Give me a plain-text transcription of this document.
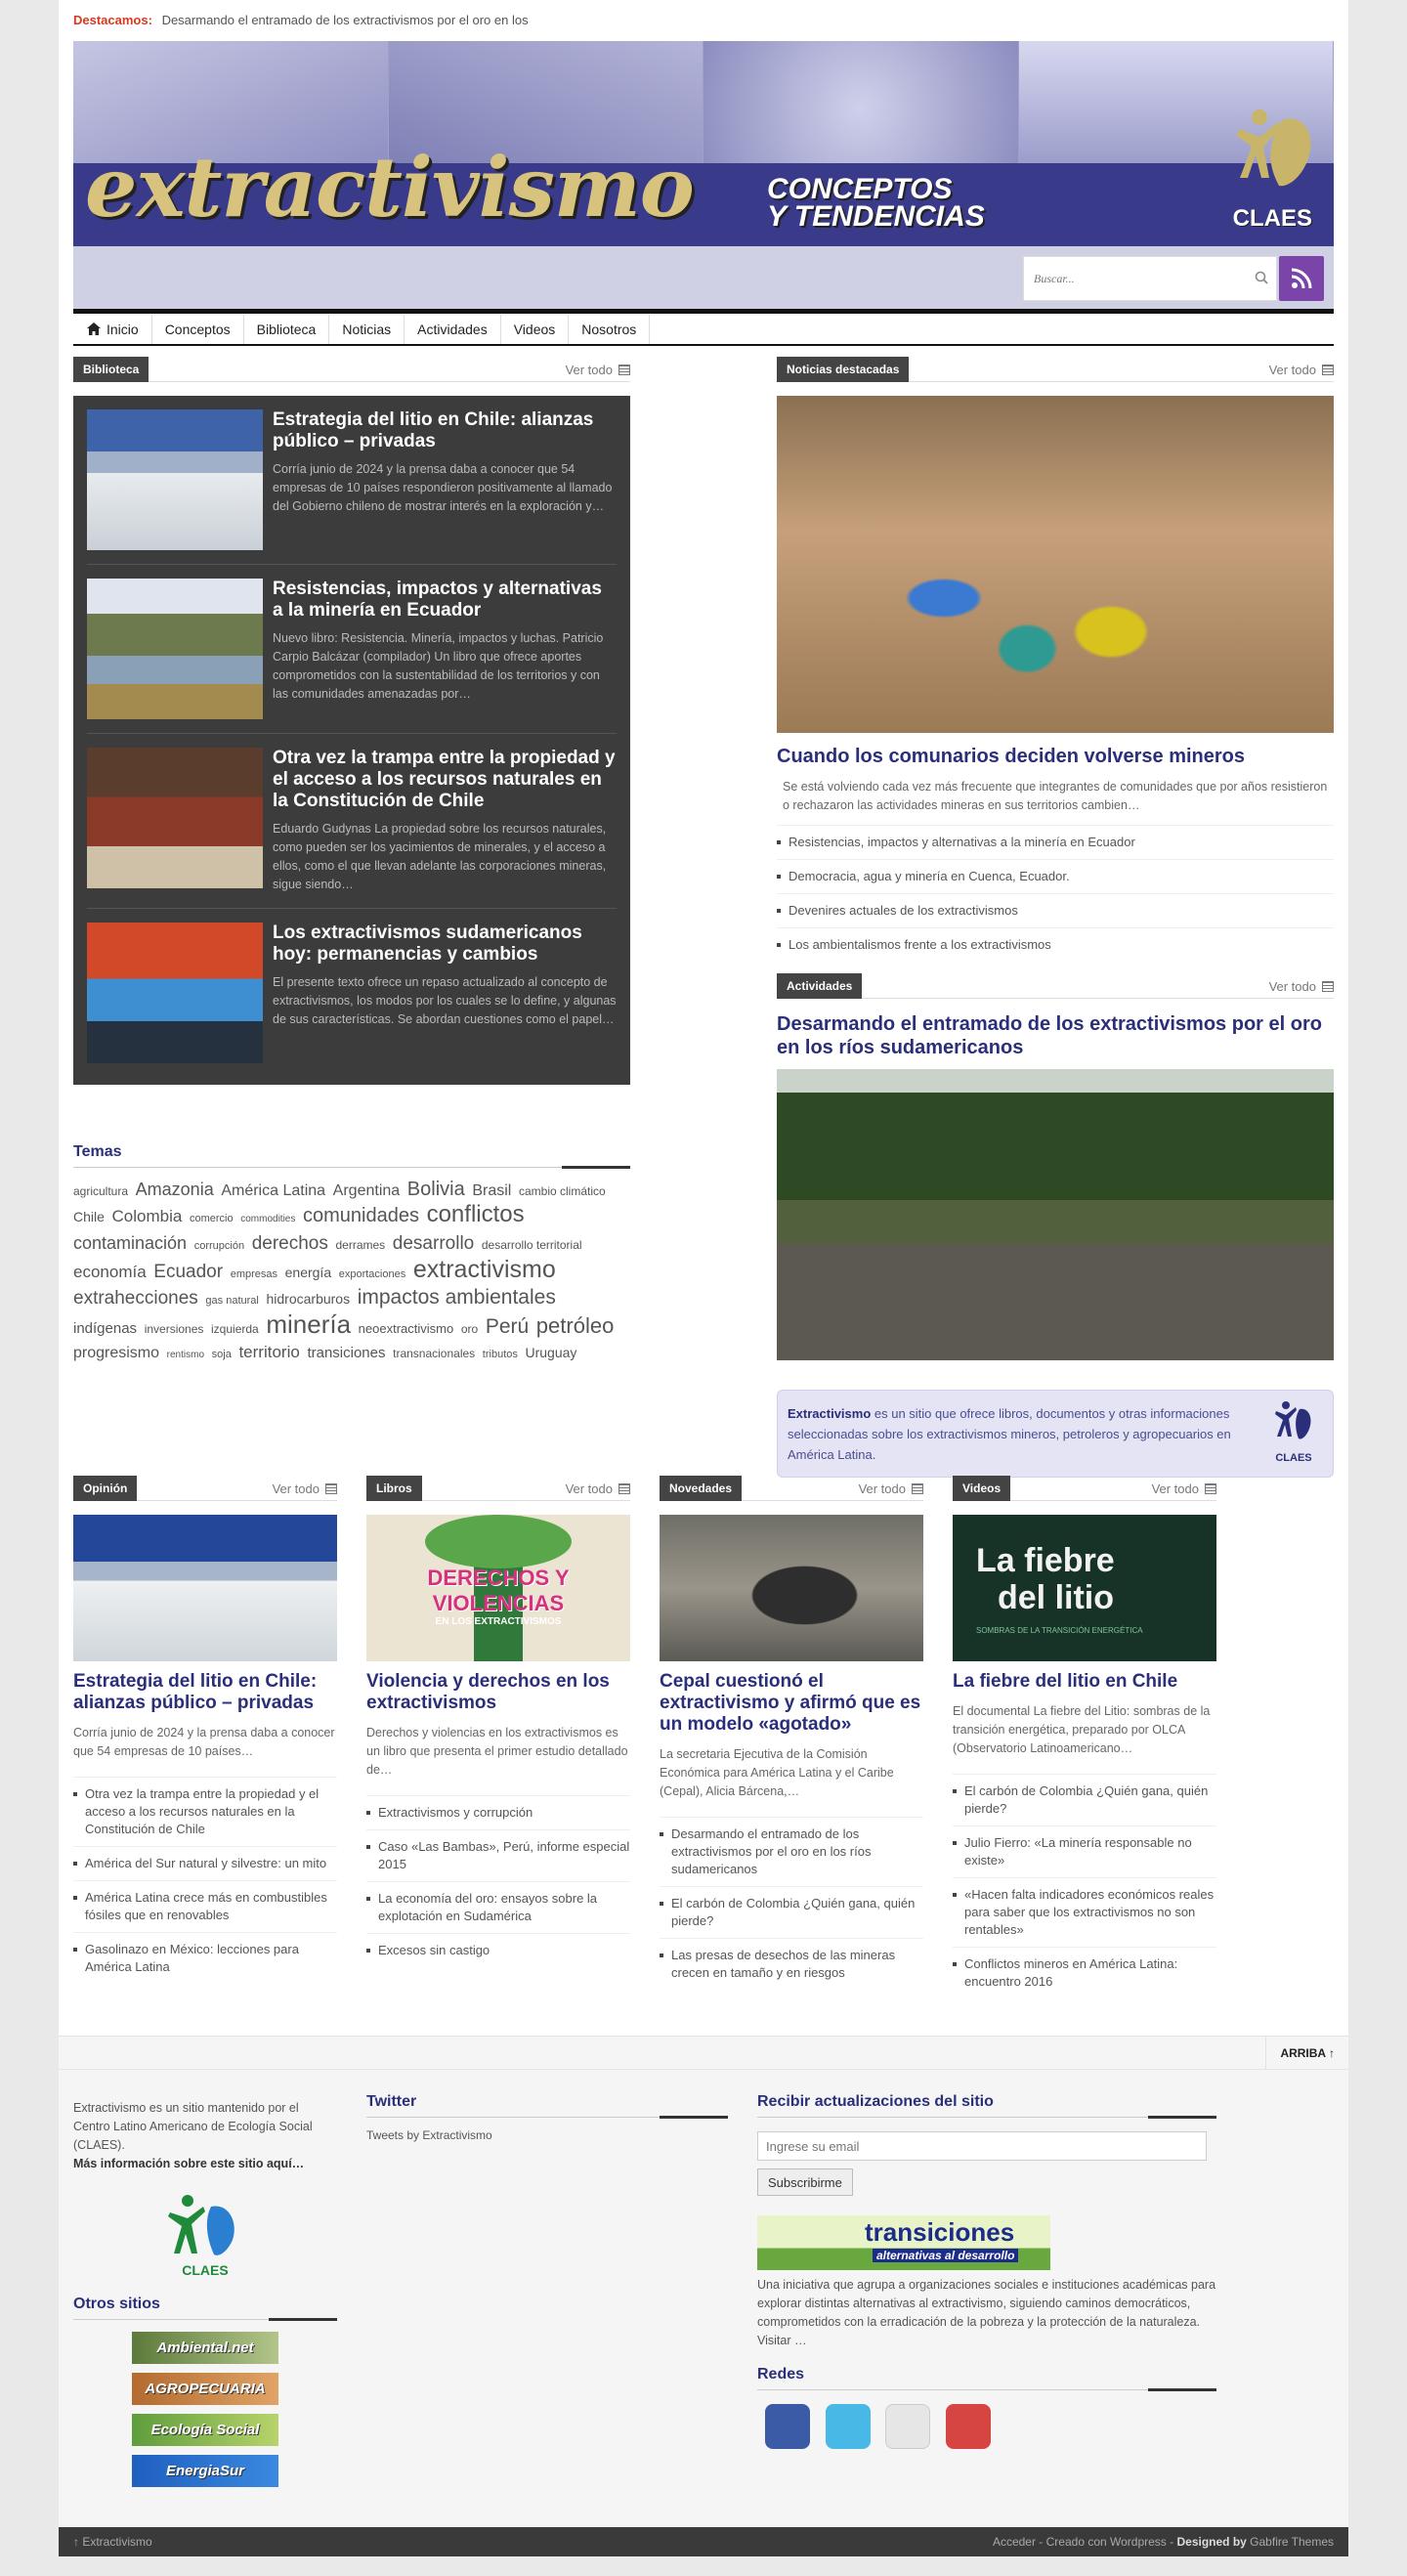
Destacamos: Desarmando el entramado de los extractivismos por el oro en los
extractivismo	CONCEPTOS
Y TENDENCIAS	CLAES
Buscar...
Inicio	Conceptos	Biblioteca	Noticias	Actividades	Videos	Nosotros
Biblioteca	Ver todo
Estrategia del litio en Chile: alianzas público – privadas

Corría junio de 2024 y la prensa daba a conocer que 54 empresas de 10 países respondieron positivamente al llamado del Gobierno chileno de mostrar interés en la exploración y…

Resistencias, impactos y alternativas a la minería en Ecuador

Nuevo libro: Resistencia. Minería, impactos y luchas. Patricio Carpio Balcázar (compilador) Un libro que ofrece aportes comprometidos con la sustentabilidad de los territorios y con las comunidades amenazadas por…

Otra vez la trampa entre la propiedad y el acceso a los recursos naturales en la Constitución de Chile

Eduardo Gudynas La propiedad sobre los recursos naturales, como pueden ser los yacimientos de minerales, y el acceso a ellos, como el que llevan adelante las corporaciones mineras, sigue siendo…

Los extractivismos sudamericanos hoy: permanencias y cambios

El presente texto ofrece un repaso actualizado al concepto de extractivismos, los modos por los cuales se lo define, y algunas de sus características. Se abordan cuestiones como el papel…

Temas
agricultura Amazonia América Latina Argentina Bolivia Brasil cambio climático Chile Colombia comercio commodities comunidades conflictos contaminación corrupción derechos derrames desarrollo desarrollo territorial economía Ecuador empresas energía exportaciones extractivismo extrahecciones gas natural hidrocarburos impactos ambientales indígenas inversiones izquierda minería neoextractivismo oro Perú petróleo progresismo rentismo soja territorio transiciones transnacionales tributos Uruguay
Noticias destacadas	Ver todo
Cuando los comunarios deciden volverse mineros

Se está volviendo cada vez más frecuente que integrantes de comunidades que por años resistieron o rechazaron las actividades mineras en sus territorios cambien…

Resistencias, impactos y alternativas a la minería en Ecuador
Democracia, agua y minería en Cuenca, Ecuador.
Devenires actuales de los extractivismos
Los ambientalismos frente a los extractivismos
Actividades	Ver todo
Desarmando el entramado de los extractivismos por el oro en los ríos sudamericanos
Extractivismo es un sitio que ofrece libros, documentos y otras informaciones seleccionadas sobre los extractivismos mineros, petroleros y agropecuarios en América Latina.	CLAES
Opinión	Ver todo
Estrategia del litio en Chile: alianzas público – privadas

Corría junio de 2024 y la prensa daba a conocer que 54 empresas de 10 países…

Otra vez la trampa entre la propiedad y el acceso a los recursos naturales en la Constitución de Chile
América del Sur natural y silvestre: un mito
América Latina crece más en combustibles fósiles que en renovables
Gasolinazo en México: lecciones para América Latina
Libros	Ver todo
DERECHOS Y
VIOLENCIAS
EN LOS EXTRACTIVISMOS
Violencia y derechos en los extractivismos

Derechos y violencias en los extractivismos es un libro que presenta el primer estudio detallado de…

Extractivismos y corrupción
Caso «Las Bambas», Perú, informe especial 2015
La economía del oro: ensayos sobre la explotación en Sudamérica
Excesos sin castigo
Novedades	Ver todo
Cepal cuestionó el extractivismo y afirmó que es un modelo «agotado»

La secretaria Ejecutiva de la Comisión Económica para América Latina y el Caribe (Cepal), Alicia Bárcena,…

Desarmando el entramado de los extractivismos por el oro en los ríos sudamericanos
El carbón de Colombia ¿Quién gana, quién pierde?
Las presas de desechos de las mineras crecen en tamaño y en riesgos
Videos	Ver todo
La fiebre
del litio
SOMBRAS DE LA TRANSICIÓN ENERGÉTICA
La fiebre del litio en Chile

El documental La fiebre del Litio: sombras de la transición energética, preparado por OLCA (Observatorio Latinoamericano…

El carbón de Colombia ¿Quién gana, quién pierde?
Julio Fierro: «La minería responsable no existe»
«Hacen falta indicadores económicos reales para saber que los extractivismos no son rentables»
Conflictos mineros en América Latina: encuentro 2016
ARRIBA ↑

Extractivismo es un sitio mantenido por el Centro Latino Americano de Ecología Social (CLAES).

Más información sobre este sitio aquí…
CLAES
Otros sitios
Ambiental.net
AGROPECUARIA
Ecología Social
EnergiaSur
Twitter
Tweets by Extractivismo
Recibir actualizaciones del sitio
Ingrese su email
Subscribirme
transiciones
alternativas al desarrollo

Una iniciativa que agrupa a organizaciones sociales e instituciones académicas para explorar distintas alternativas al extractivismo, siguiendo caminos democráticos, comprometidos con la erradicación de la pobreza y la protección de la naturaleza. Visitar …

Redes

↑ Extractivismo	Acceder - Creado con Wordpress - Designed by Gabfire Themes
